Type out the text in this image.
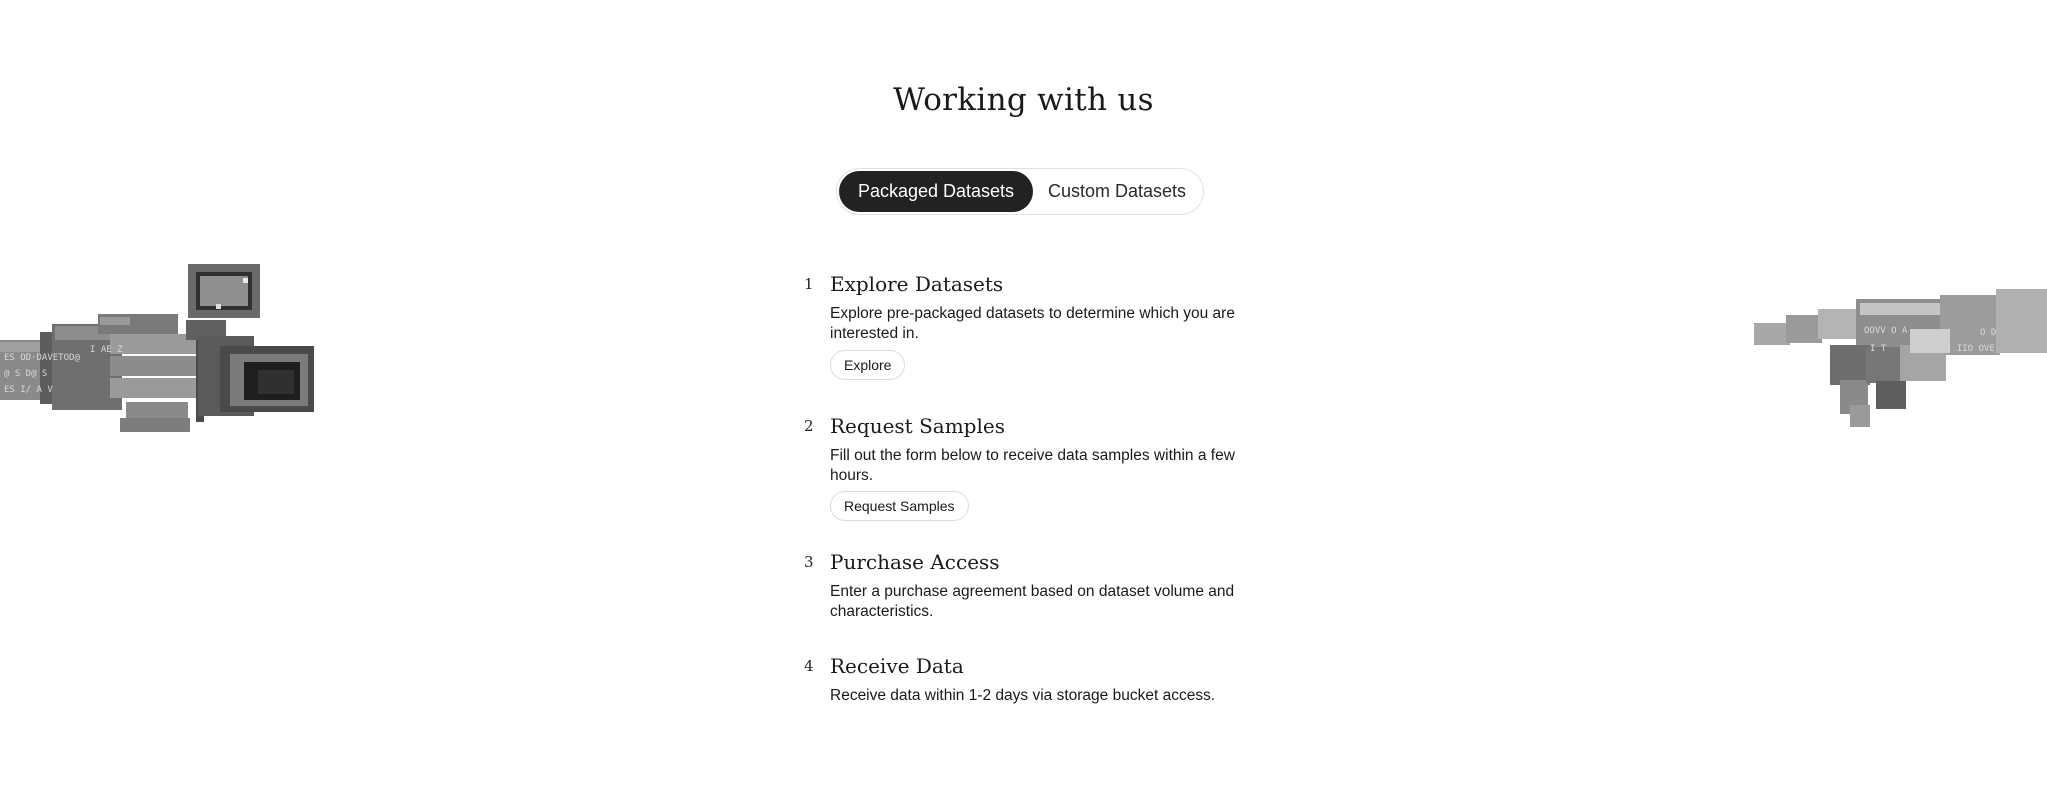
Working with us
Packaged Datasets	Custom Datasets
1 Explore Datasets
Explore pre-packaged datasets to determine which you are interested in.
Explore
2 Request Samples
Fill out the form below to receive data samples within a few hours.
Request Samples
3 Purchase Access
Enter a purchase agreement based on dataset volume and characteristics.
4 Receive Data
Receive data within 1-2 days via storage bucket access.
ES OD·DAVETOD@
@ S D@ S
ES I/ A V
I AE Z
OOVV O A
I T	I IIO OVE
O D
